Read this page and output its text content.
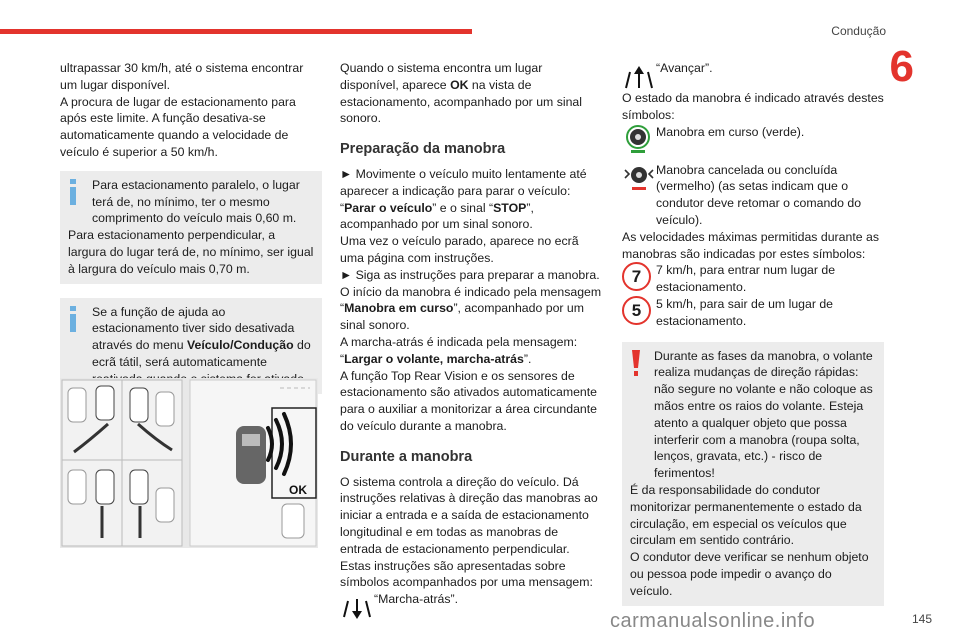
Condução
6

ultrapassar 30 km/h, até o sistema encontrar um lugar disponível.

A procura de lugar de estacionamento para após este limite. A função desativa-se automaticamente quando a velocidade de veículo é superior a 50 km/h.

Para estacionamento paralelo, o lugar terá de, no mínimo, ter o mesmo comprimento do veículo mais 0,60 m.

Para estacionamento perpendicular, a largura do lugar terá de, no mínimo, ser igual à largura do veículo mais 0,70 m.

Se a função de ajuda ao estacionamento tiver sido desativada através do menu Veículo/Condução do ecrã tátil, será automaticamente

OK

Quando o sistema encontra um lugar disponível, aparece OK na vista de estacionamento, acompanhado por um sinal sonoro.

Preparação da manobra

► Movimente o veículo muito lentamente até aparecer a indicação para parar o veículo: “Parar o veículo” e o sinal “STOP”, acompanhado por um sinal sonoro.

Uma vez o veículo parado, aparece no ecrã uma página com instruções.

► Siga as instruções para preparar a manobra.

O início da manobra é indicado pela mensagem “Manobra em curso”, acompanhado por um sinal sonoro.

A marcha-atrás é indicada pela mensagem: “Largar o volante, marcha-atrás”.

A função Top Rear Vision e os sensores de estacionamento são ativados automaticamente para o auxiliar a monitorizar a área circundante do veículo durante a manobra.

Durante a manobra

O sistema controla a direção do veículo. Dá instruções relativas à direção das manobras ao iniciar a entrada e a saída de estacionamento longitudinal e em todas as manobras de entrada de estacionamento perpendicular.

Estas instruções são apresentadas sobre símbolos acompanhados por uma mensagem:

“Marcha-atrás”.
“Avançar”.

O estado da manobra é indicado através destes símbolos:

Manobra em curso (verde).
Manobra cancelada ou concluída (vermelho) (as setas indicam que o condutor deve retomar o comando do veículo).

As velocidades máximas permitidas durante as manobras são indicadas por estes símbolos:

7	7 km/h, para entrar num lugar de estacionamento.
5	5 km/h, para sair de um lugar de estacionamento.

Durante as fases da manobra, o volante realiza mudanças de direção rápidas: não segure no volante e não coloque as mãos entre os raios do volante. Esteja atento a qualquer objeto que possa interferir com a manobra (roupa solta, lenços, gravata, etc.) - risco de ferimentos!

É da responsabilidade do condutor monitorizar permanentemente o estado da circulação, em especial os veículos que circulam em sentido contrário.

O condutor deve verificar se nenhum objeto ou pessoa pode impedir o avanço do veículo.

carmanualsonline.info	145
